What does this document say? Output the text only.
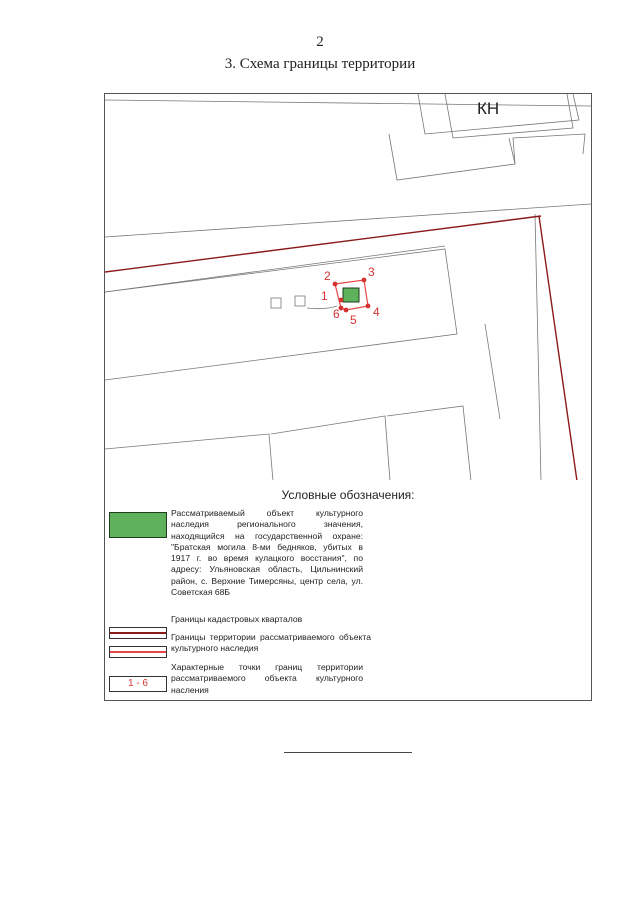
2
3. Схема границы территории
1
2	3
4
5
6
КН
Условные обозначения:
Рассматриваемый объект культурного наследия регионального значения, находящийся на государственной охране: "Братская могила 8-ми бедняков, убитых в 1917 г. во время кулацкого восстания", по адресу: Ульяновская область, Цильнинский район, с. Верхние Тимерсяны, центр села, ул. Советская 68Б
Границы кадастровых кварталов
Границы территории рассматриваемого объекта культурного наследия
1 - 6
Характерные точки границ территории рассматриваемого объекта культурного насления
